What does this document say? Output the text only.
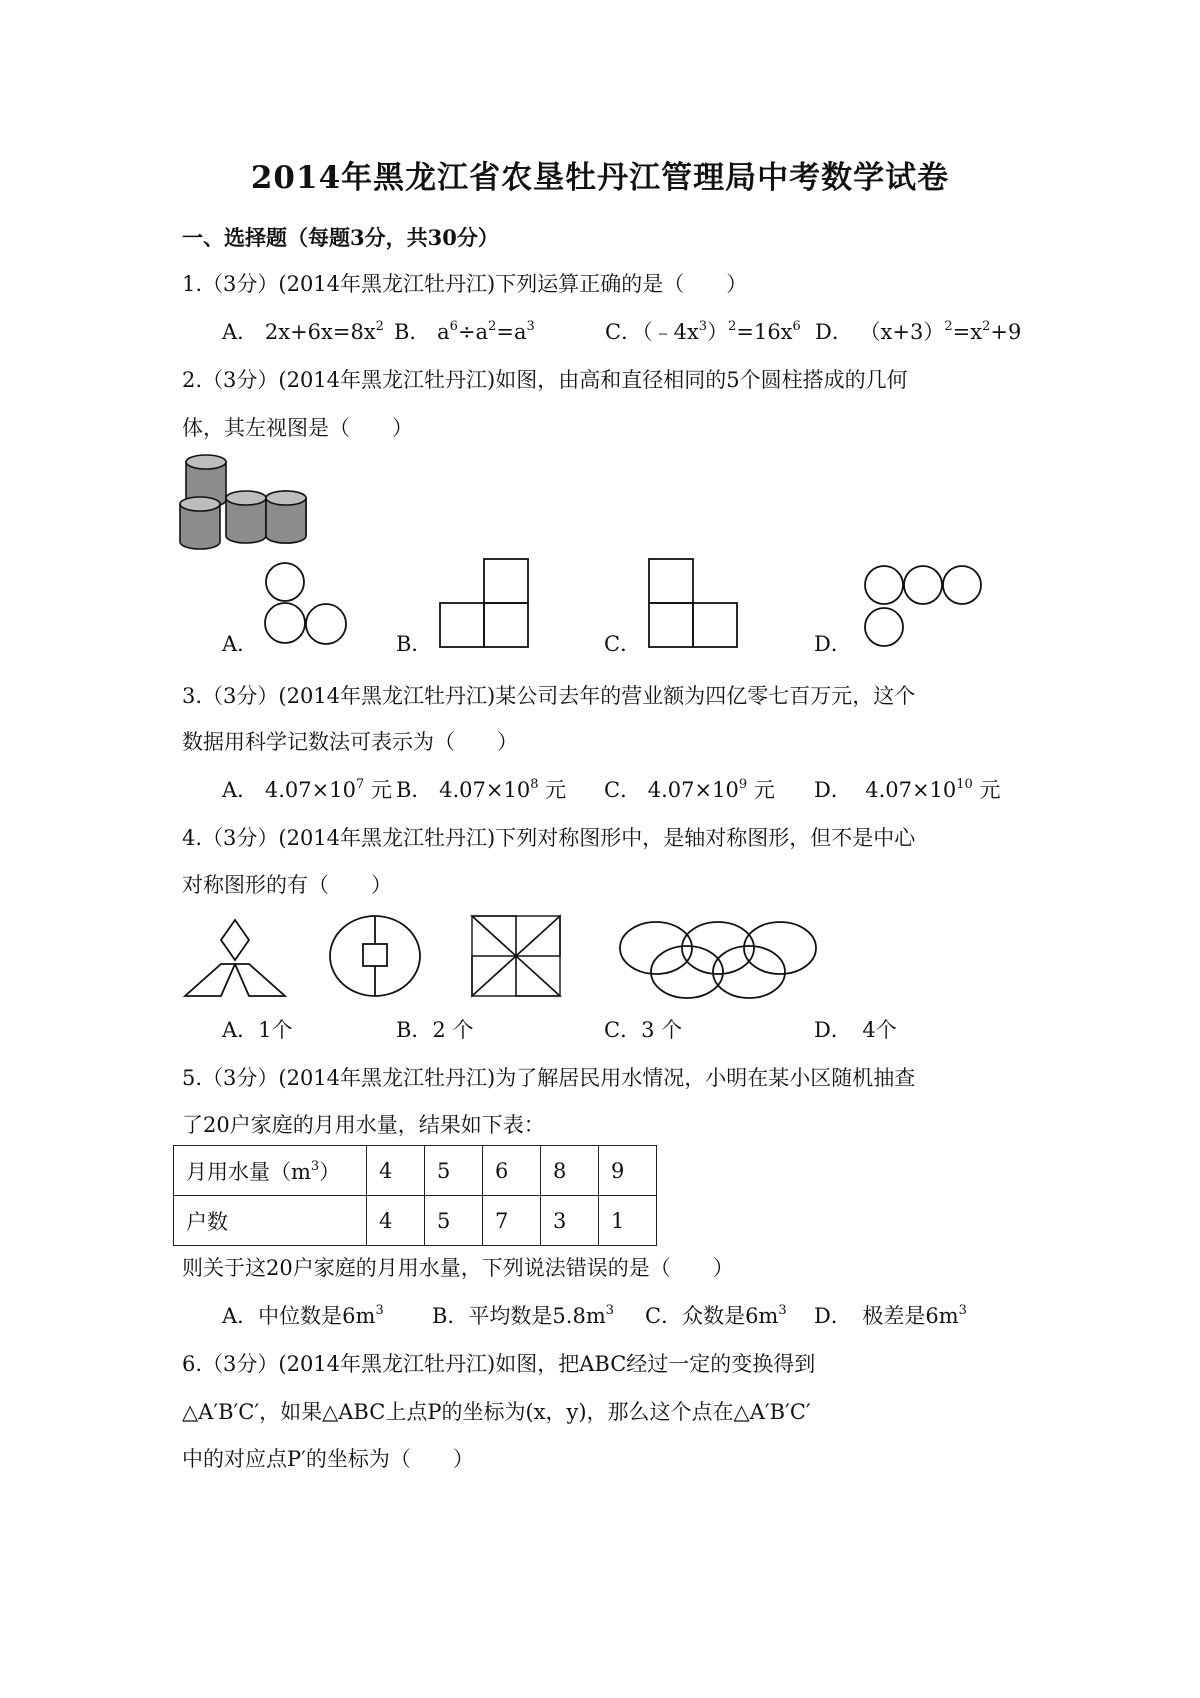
2014年黑龙江省农垦牡丹江管理局中考数学试卷
一、选择题（每题3分，共30分）
1.（3分）(2014年黑龙江牡丹江)下列运算正确的是（　　）
A． $2x+6x=8x^2$ B． $a^6\div a^2=a^3$	C．$(﹣4x^3)^2=16x^6$ D． $(x+3)^2=x^2+9$
2.（3分）(2014年黑龙江牡丹江)如图，由高和直径相同的5个圆柱搭成的几何
体，其左视图是（　　）
A．	B．	C．	D．
3.（3分）(2014年黑龙江牡丹江)某公司去年的营业额为四亿零七百万元，这个
数据用科学记数法可表示为（　　）
A． $4.07\times 10^7$ 元 B． $4.07\times 10^8$ 元 C． $4.07\times 10^9$ 元 D． $4.07\times 10^{10}$ 元
4.（3分）(2014年黑龙江牡丹江)下列对称图形中，是轴对称图形，但不是中心
对称图形的有（　　）
A．1个	B．2 个	C．3 个	D．　4个
5.（3分）(2014年黑龙江牡丹江)为了解居民用水情况，小明在某小区随机抽查
了20户家庭的月用水量，结果如下表：
月用水量$(m^3)$	4	5	6	8	9
户数	4	5	7	3	1
则关于这20户家庭的月用水量，下列说法错误的是（　　）
A．中位数是$6m^3$ B．平均数是$5.8m^3$ C．众数是$6m^3$ D．　极差是$6m^3$
6.（3分）(2014年黑龙江牡丹江)如图，把ABC经过一定的变换得到
△A′B′C′，如果△ABC上点P的坐标为(x，y)，那么这个点在△A′B′C′
中的对应点P′的坐标为（　　）
